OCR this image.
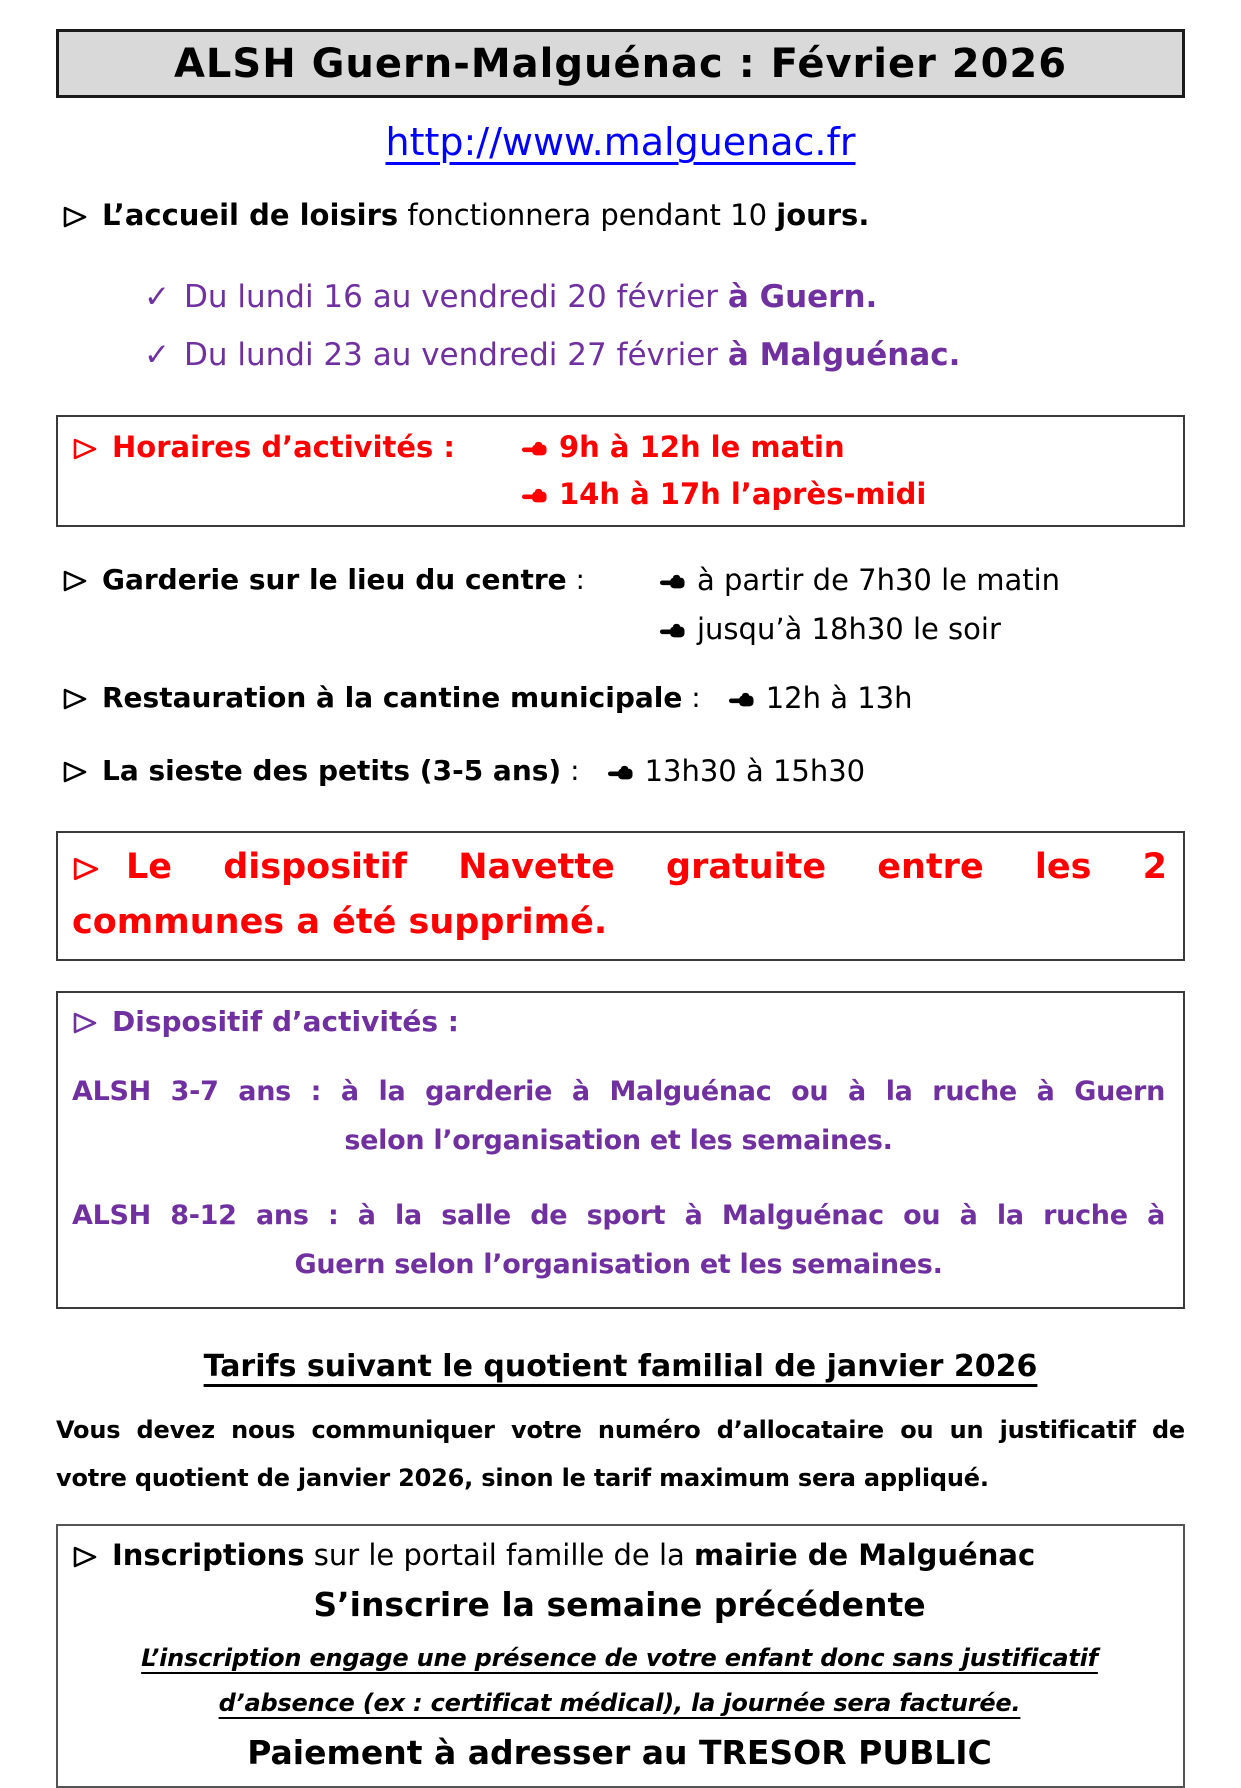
ALSH Guern-Malguénac : Février 2026
http://www.malguenac.fr
L’accueil de loisirs fonctionnera pendant 10 jours.
✓ Du lundi 16 au vendredi 20 février à Guern.
✓ Du lundi 23 au vendredi 27 février à Malguénac.
Horaires d’activités :	9h à 12h le matin
14h à 17h l’après-midi
Garderie sur le lieu du centre :	à partir de 7h30 le matin
jusqu’à 18h30 le soir
Restauration à la cantine municipale : 12h à 13h
La sieste des petits (3-5 ans) : 13h30 à 15h30
Le dispositif Navette gratuite entre les 2
communes a été supprimé.
Dispositif d’activités :
ALSH 3-7 ans : à la garderie à Malguénac ou à la ruche à Guern
selon l’organisation et les semaines.
ALSH 8-12 ans : à la salle de sport à Malguénac ou à la ruche à
Guern selon l’organisation et les semaines.
Tarifs suivant le quotient familial de janvier 2026
Vous devez nous communiquer votre numéro d’allocataire ou un justificatif de
votre quotient de janvier 2026, sinon le tarif maximum sera appliqué.
Inscriptions sur le portail famille de la mairie de Malguénac
S’inscrire la semaine précédente
L’inscription engage une présence de votre enfant donc sans justificatif
d’absence (ex : certificat médical), la journée sera facturée.
Paiement à adresser au TRESOR PUBLIC
